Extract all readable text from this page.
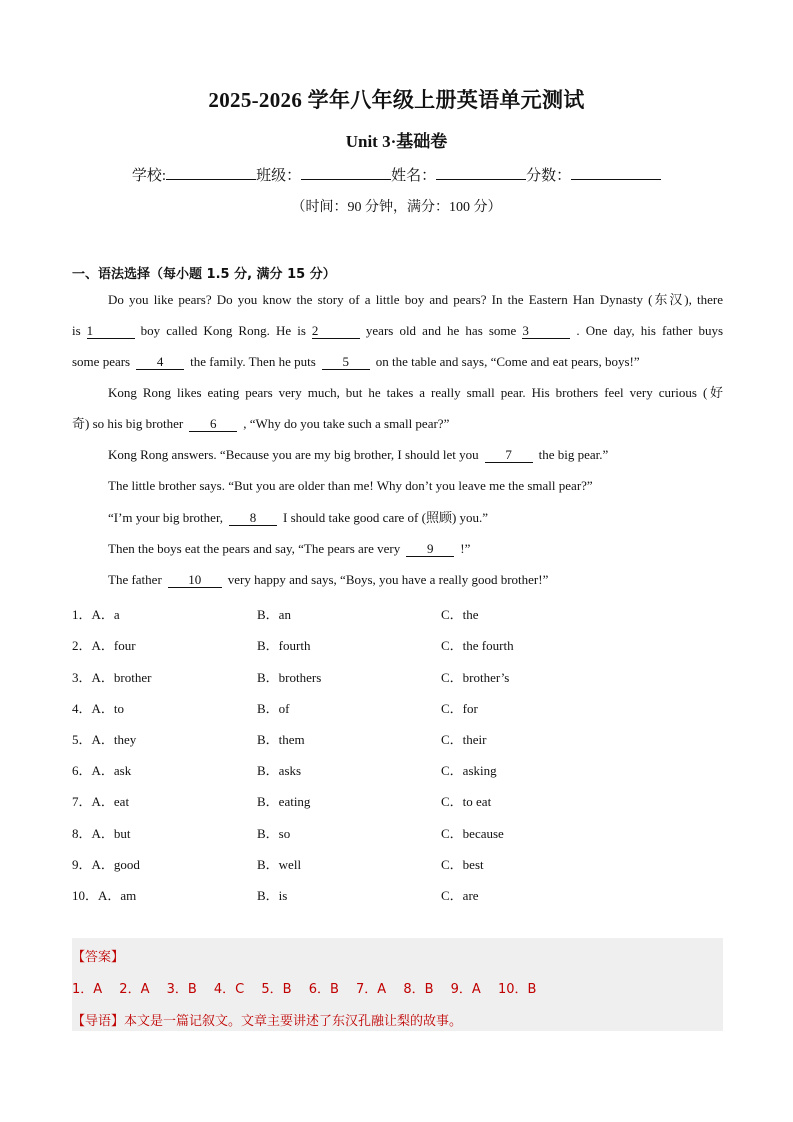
2025-2026 学年八年级上册英语单元测试
Unit 3·基础卷
学校:	班级：	姓名：	分数：
（时间：90 分钟，满分：100 分）
一、语法选择（每小题 1.5 分, 满分 15 分）
Do you like pears? Do you know the story of a little boy and pears? In the Eastern Han Dynasty (东汉), there
is 1	boy called Kong Rong. He is 2	years old and he has some 3	. One day, his father buys
some pears 4 the family. Then he puts 5 on the table and says, “Come and eat pears, boys!”
Kong Rong likes eating pears very much, but he takes a really small pear. His brothers feel very curious (好
奇) so his big brother 6 , “Why do you take such a small pear?”
Kong Rong answers. “Because you are my big brother, I should let you 7 the big pear.”
The little brother says. “But you are older than me! Why don’t you leave me the small pear?”
“I’m your big brother, 8 I should take good care of (照顾) you.”
Then the boys eat the pears and say, “The pears are very 9 !”
The father 10 very happy and says, “Boys, you have a really good brother!”
1．A．a	B．an	C．the
2．A．four	B．fourth	C．the fourth
3．A．brother	B．brothers	C．brother’s
4．A．to	B．of	C．for
5．A．they	B．them	C．their
6．A．ask	B．asks	C．asking
7．A．eat	B．eating	C．to eat
8．A．but	B．so	C．because
9．A．good	B．well	C．best
10．A．am	B．is	C．are
【答案】
1．A　 2．A　 3．B　 4．C　 5．B　 6．B　 7．A　 8．B　 9．A　 10．B
【导语】本文是一篇记叙文。文章主要讲述了东汉孔融让梨的故事。
